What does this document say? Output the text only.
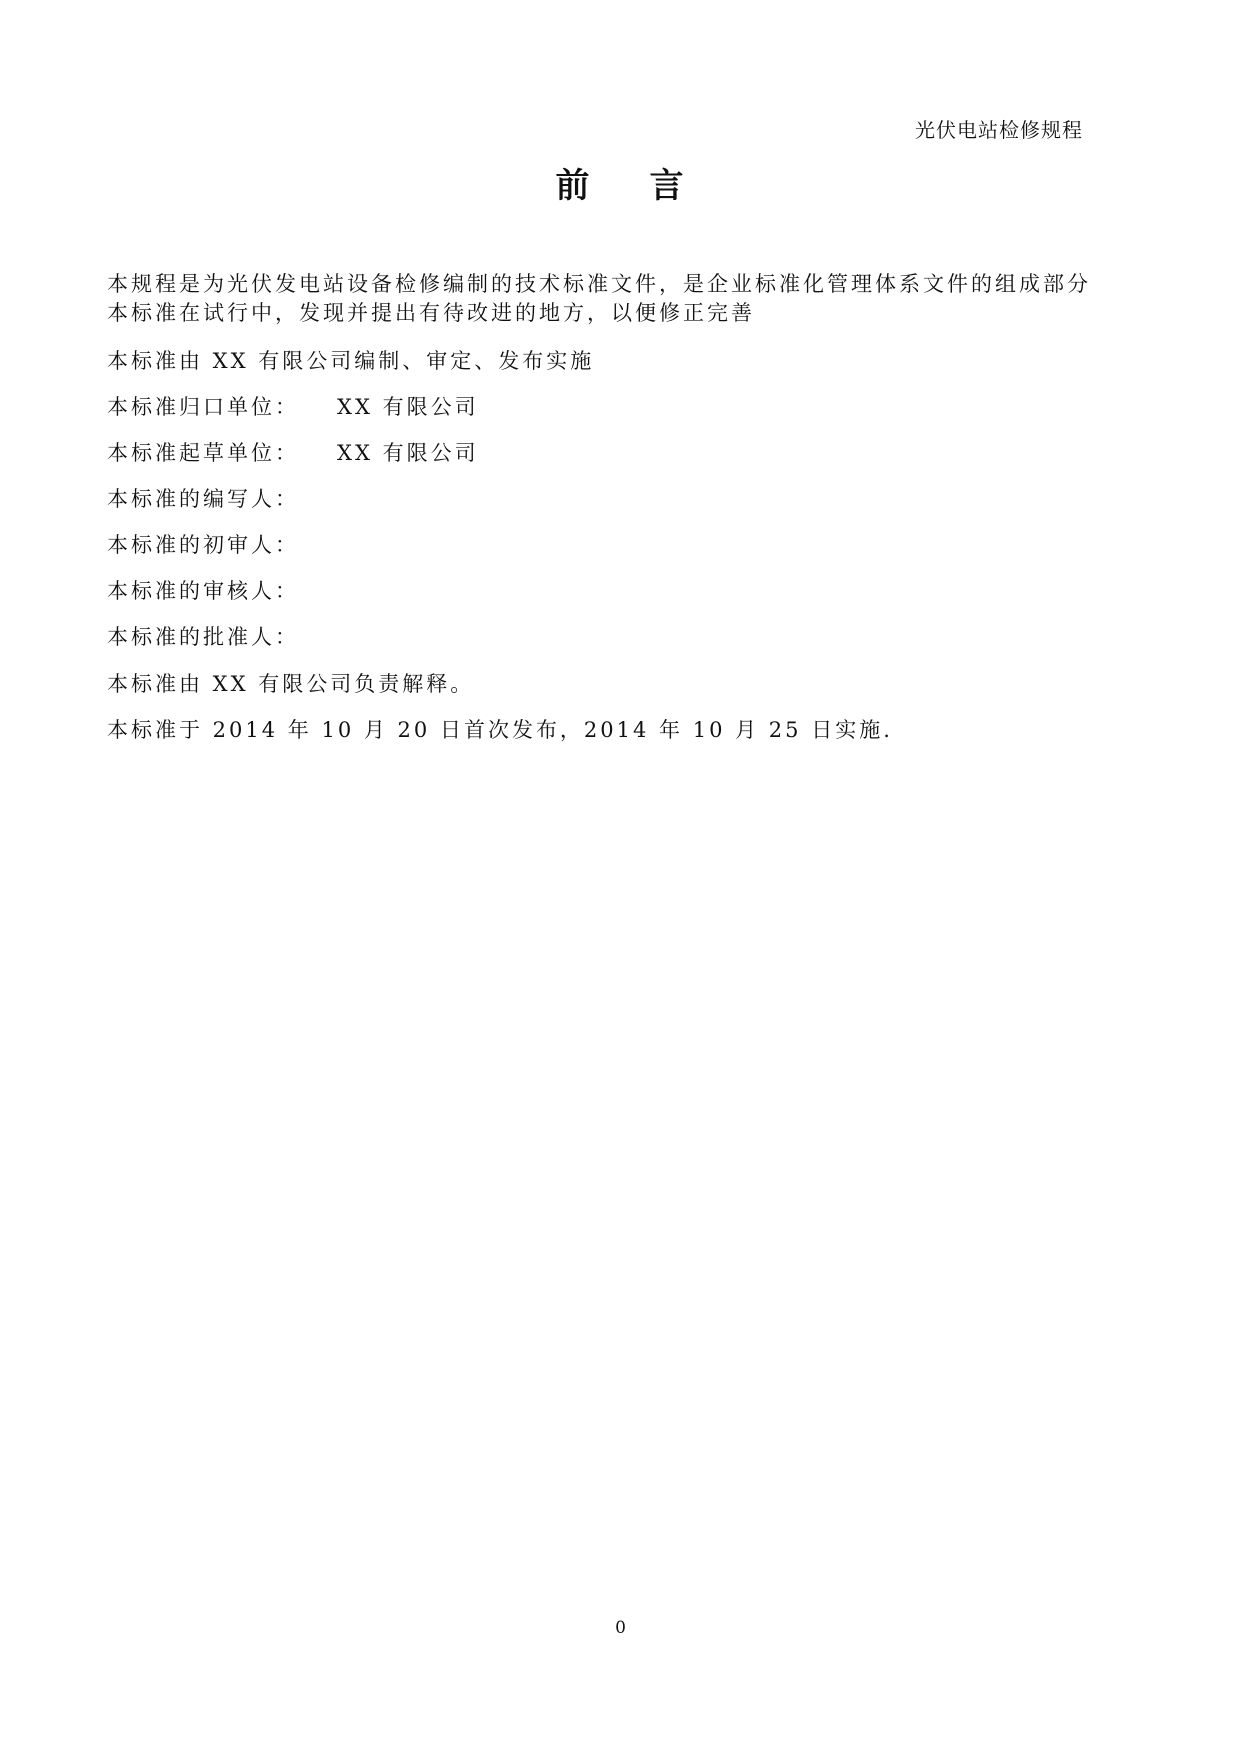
光伏电站检修规程
前 言
本规程是为光伏发电站设备检修编制的技术标准文件，是企业标准化管理体系文件的组成部分
本标准在试行中，发现并提出有待改进的地方，以便修正完善
本标准由 XX 有限公司编制、审定、发布实施
本标准归口单位： XX 有限公司
本标准起草单位： XX 有限公司
本标准的编写人：
本标准的初审人：
本标准的审核人：
本标准的批准人：
本标准由 XX 有限公司负责解释。
本标准于 2014 年 10 月 20 日首次发布，2014 年 10 月 25 日实施.
0
